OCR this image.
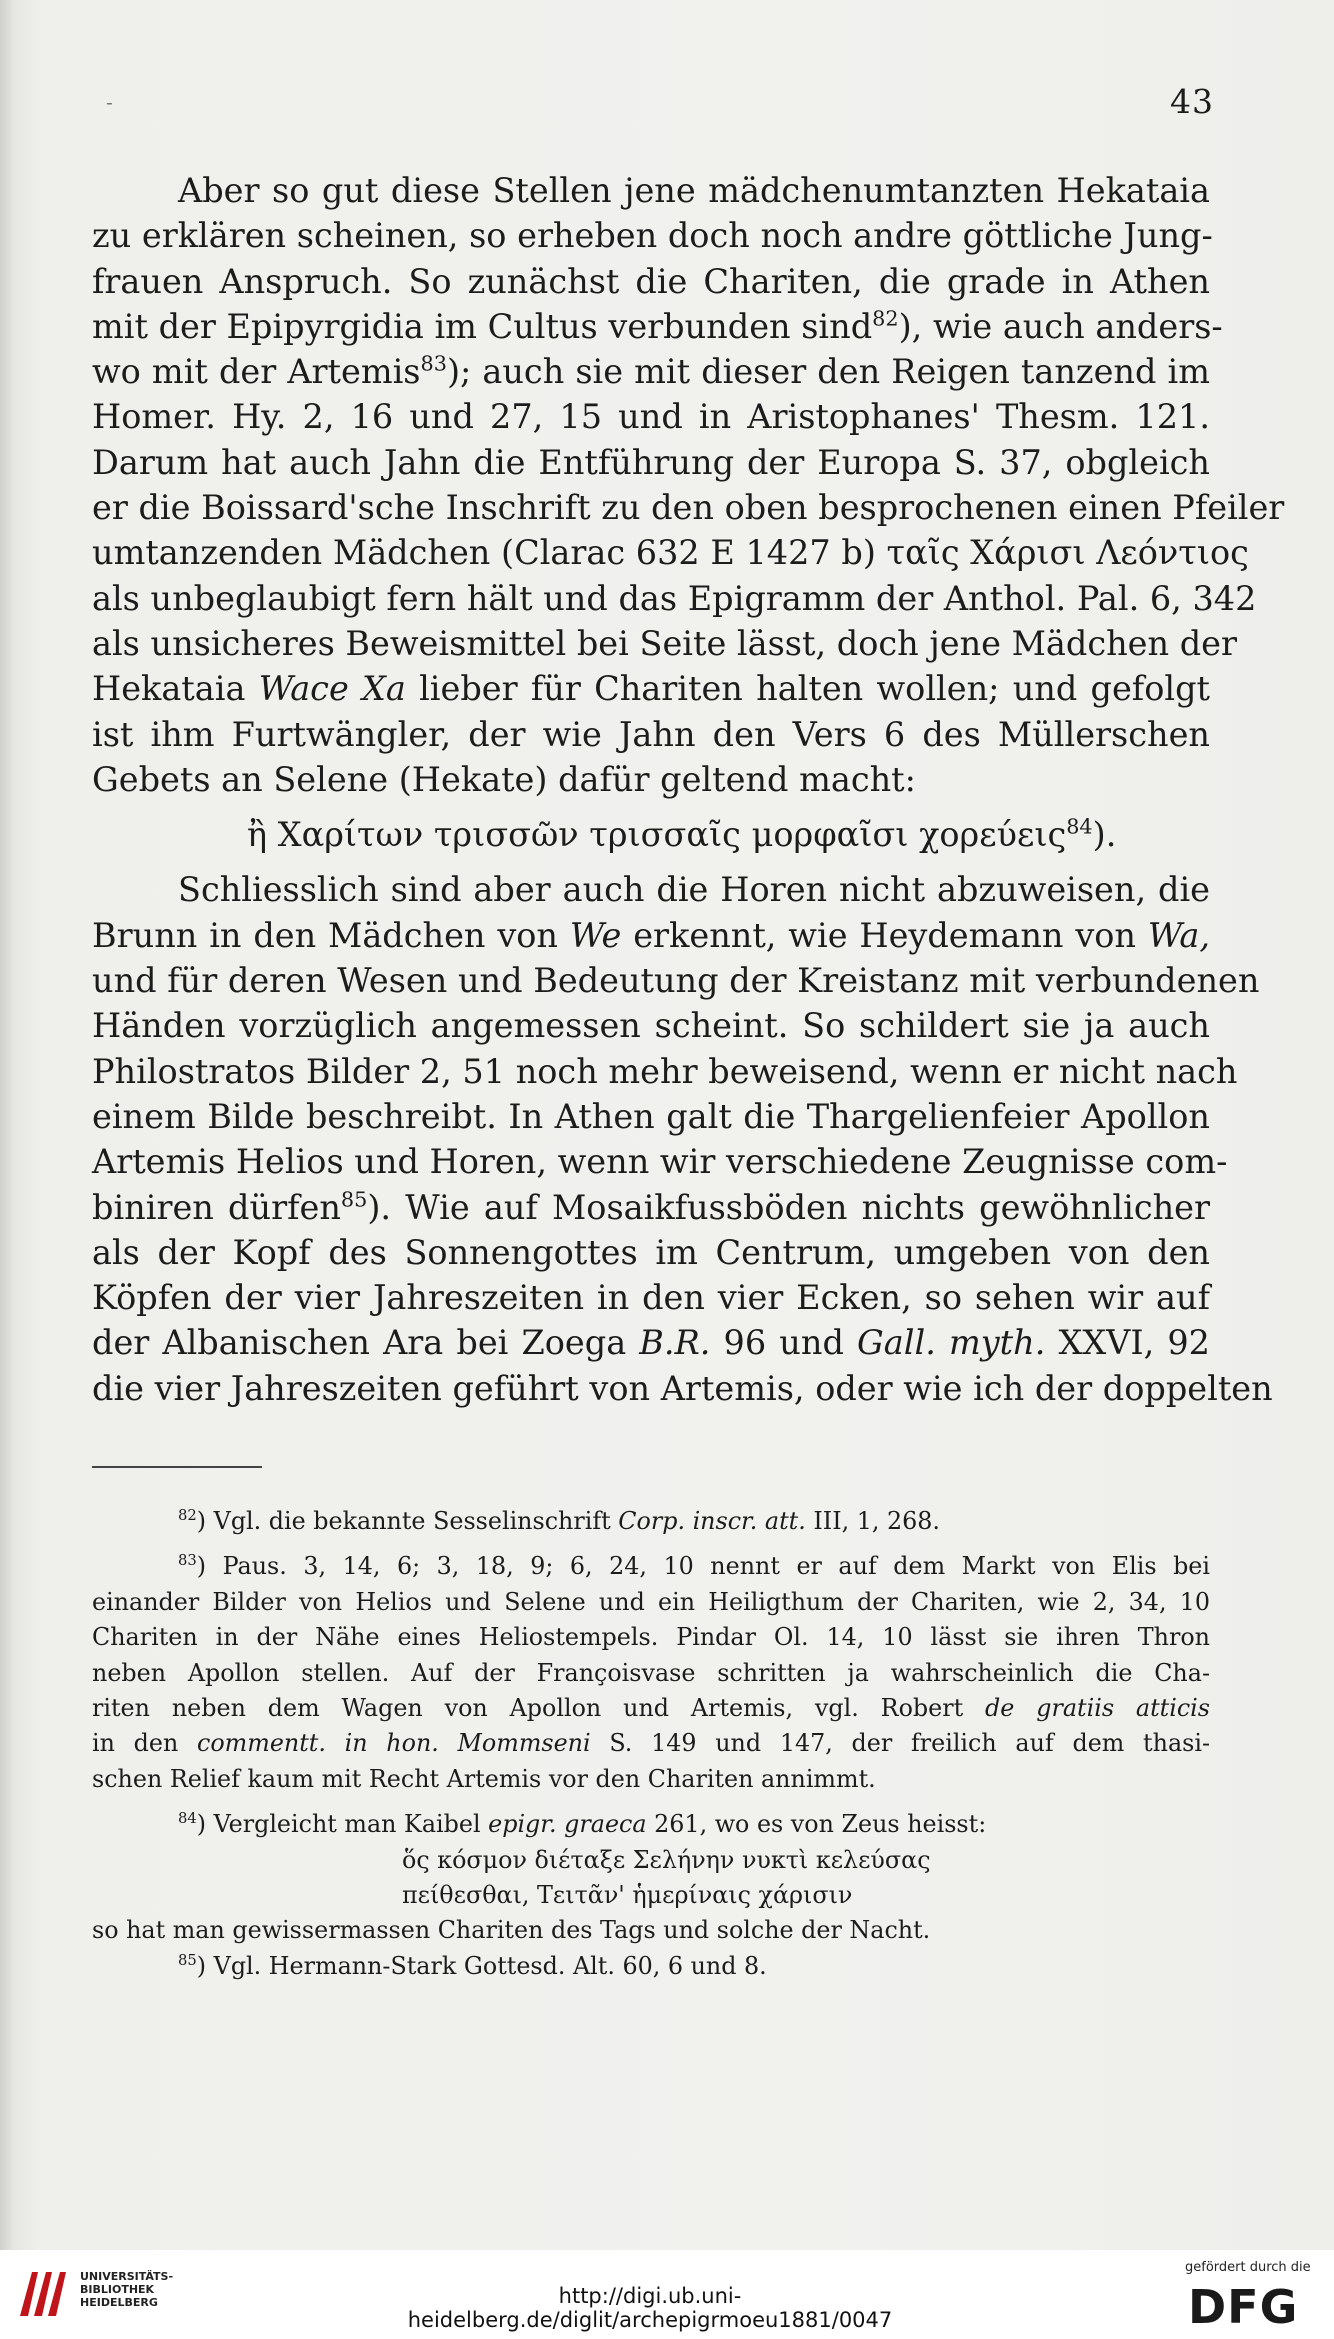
-	43
Aber so gut diese Stellen jene mädchenumtanzten Hekataia
zu erklären scheinen, so erheben doch noch andre göttliche Jung-
frauen Anspruch. So zunächst die Chariten, die grade in Athen
mit der Epipyrgidia im Cultus verbunden sind$^{82}$), wie auch anders-
wo mit der Artemis$^{83}$); auch sie mit dieser den Reigen tanzend im
Homer. Hy. 2, 16 und 27, 15 und in Aristophanes' Thesm. 121.
Darum hat auch Jahn die Entführung der Europa S. 37, obgleich
er die Boissard'sche Inschrift zu den oben besprochenen einen Pfeiler
umtanzenden Mädchen (Clarac 632 E 1427 b) ταῖς Χάρισι Λεόντιος
als unbeglaubigt fern hält und das Epigramm der Anthol. Pal. 6, 342
als unsicheres Beweismittel bei Seite lässt, doch jene Mädchen der
Hekataia Wace Xa lieber für Chariten halten wollen; und gefolgt
ist ihm Furtwängler, der wie Jahn den Vers 6 des Müllerschen
Gebets an Selene (Hekate) dafür geltend macht:
ἢ Χαρίτων τρισσῶν τρισσαῖς μορφαῖσι χορεύεις$^{84}$).
Schliesslich sind aber auch die Horen nicht abzuweisen, die
Brunn in den Mädchen von We erkennt, wie Heydemann von Wa,
und für deren Wesen und Bedeutung der Kreistanz mit verbundenen
Händen vorzüglich angemessen scheint. So schildert sie ja auch
Philostratos Bilder 2, 51 noch mehr beweisend, wenn er nicht nach
einem Bilde beschreibt. In Athen galt die Thargelienfeier Apollon
Artemis Helios und Horen, wenn wir verschiedene Zeugnisse com-
biniren dürfen$^{85}$). Wie auf Mosaikfussböden nichts gewöhnlicher
als der Kopf des Sonnengottes im Centrum, umgeben von den
Köpfen der vier Jahreszeiten in den vier Ecken, so sehen wir auf
der Albanischen Ara bei Zoega B.R. 96 und Gall. myth. XXVI, 92
die vier Jahreszeiten geführt von Artemis, oder wie ich der doppelten
$^{82}$) Vgl. die bekannte Sesselinschrift Corp. inscr. att. III, 1, 268.
$^{83}$) Paus. 3, 14, 6; 3, 18, 9; 6, 24, 10 nennt er auf dem Markt von Elis bei
einander Bilder von Helios und Selene und ein Heiligthum der Chariten, wie 2, 34, 10
Chariten in der Nähe eines Heliostempels. Pindar Ol. 14, 10 lässt sie ihren Thron
neben Apollon stellen. Auf der Françoisvase schritten ja wahrscheinlich die Cha-
riten neben dem Wagen von Apollon und Artemis, vgl. Robert de gratiis atticis
in den commentt. in hon. Mommseni S. 149 und 147, der freilich auf dem thasi-
schen Relief kaum mit Recht Artemis vor den Chariten annimmt.
$^{84}$) Vergleicht man Kaibel epigr. graeca 261, wo es von Zeus heisst:
ὅς κόσμον διέταξε Σελήνην νυκτὶ κελεύσας
πείθεσθαι, Τειτᾶν' ἡμερίναις χάρισιν
so hat man gewissermassen Chariten des Tags und solche der Nacht.
$^{85}$) Vgl. Hermann-Stark Gottesd. Alt. 60, 6 und 8.
UNIVERSITÄTS-
BIBLIOTHEK
HEIDELBERG	http://digi.ub.uni-heidelberg.de/diglit/archepigrmoeu1881/0047
gefördert durch die
DFG
